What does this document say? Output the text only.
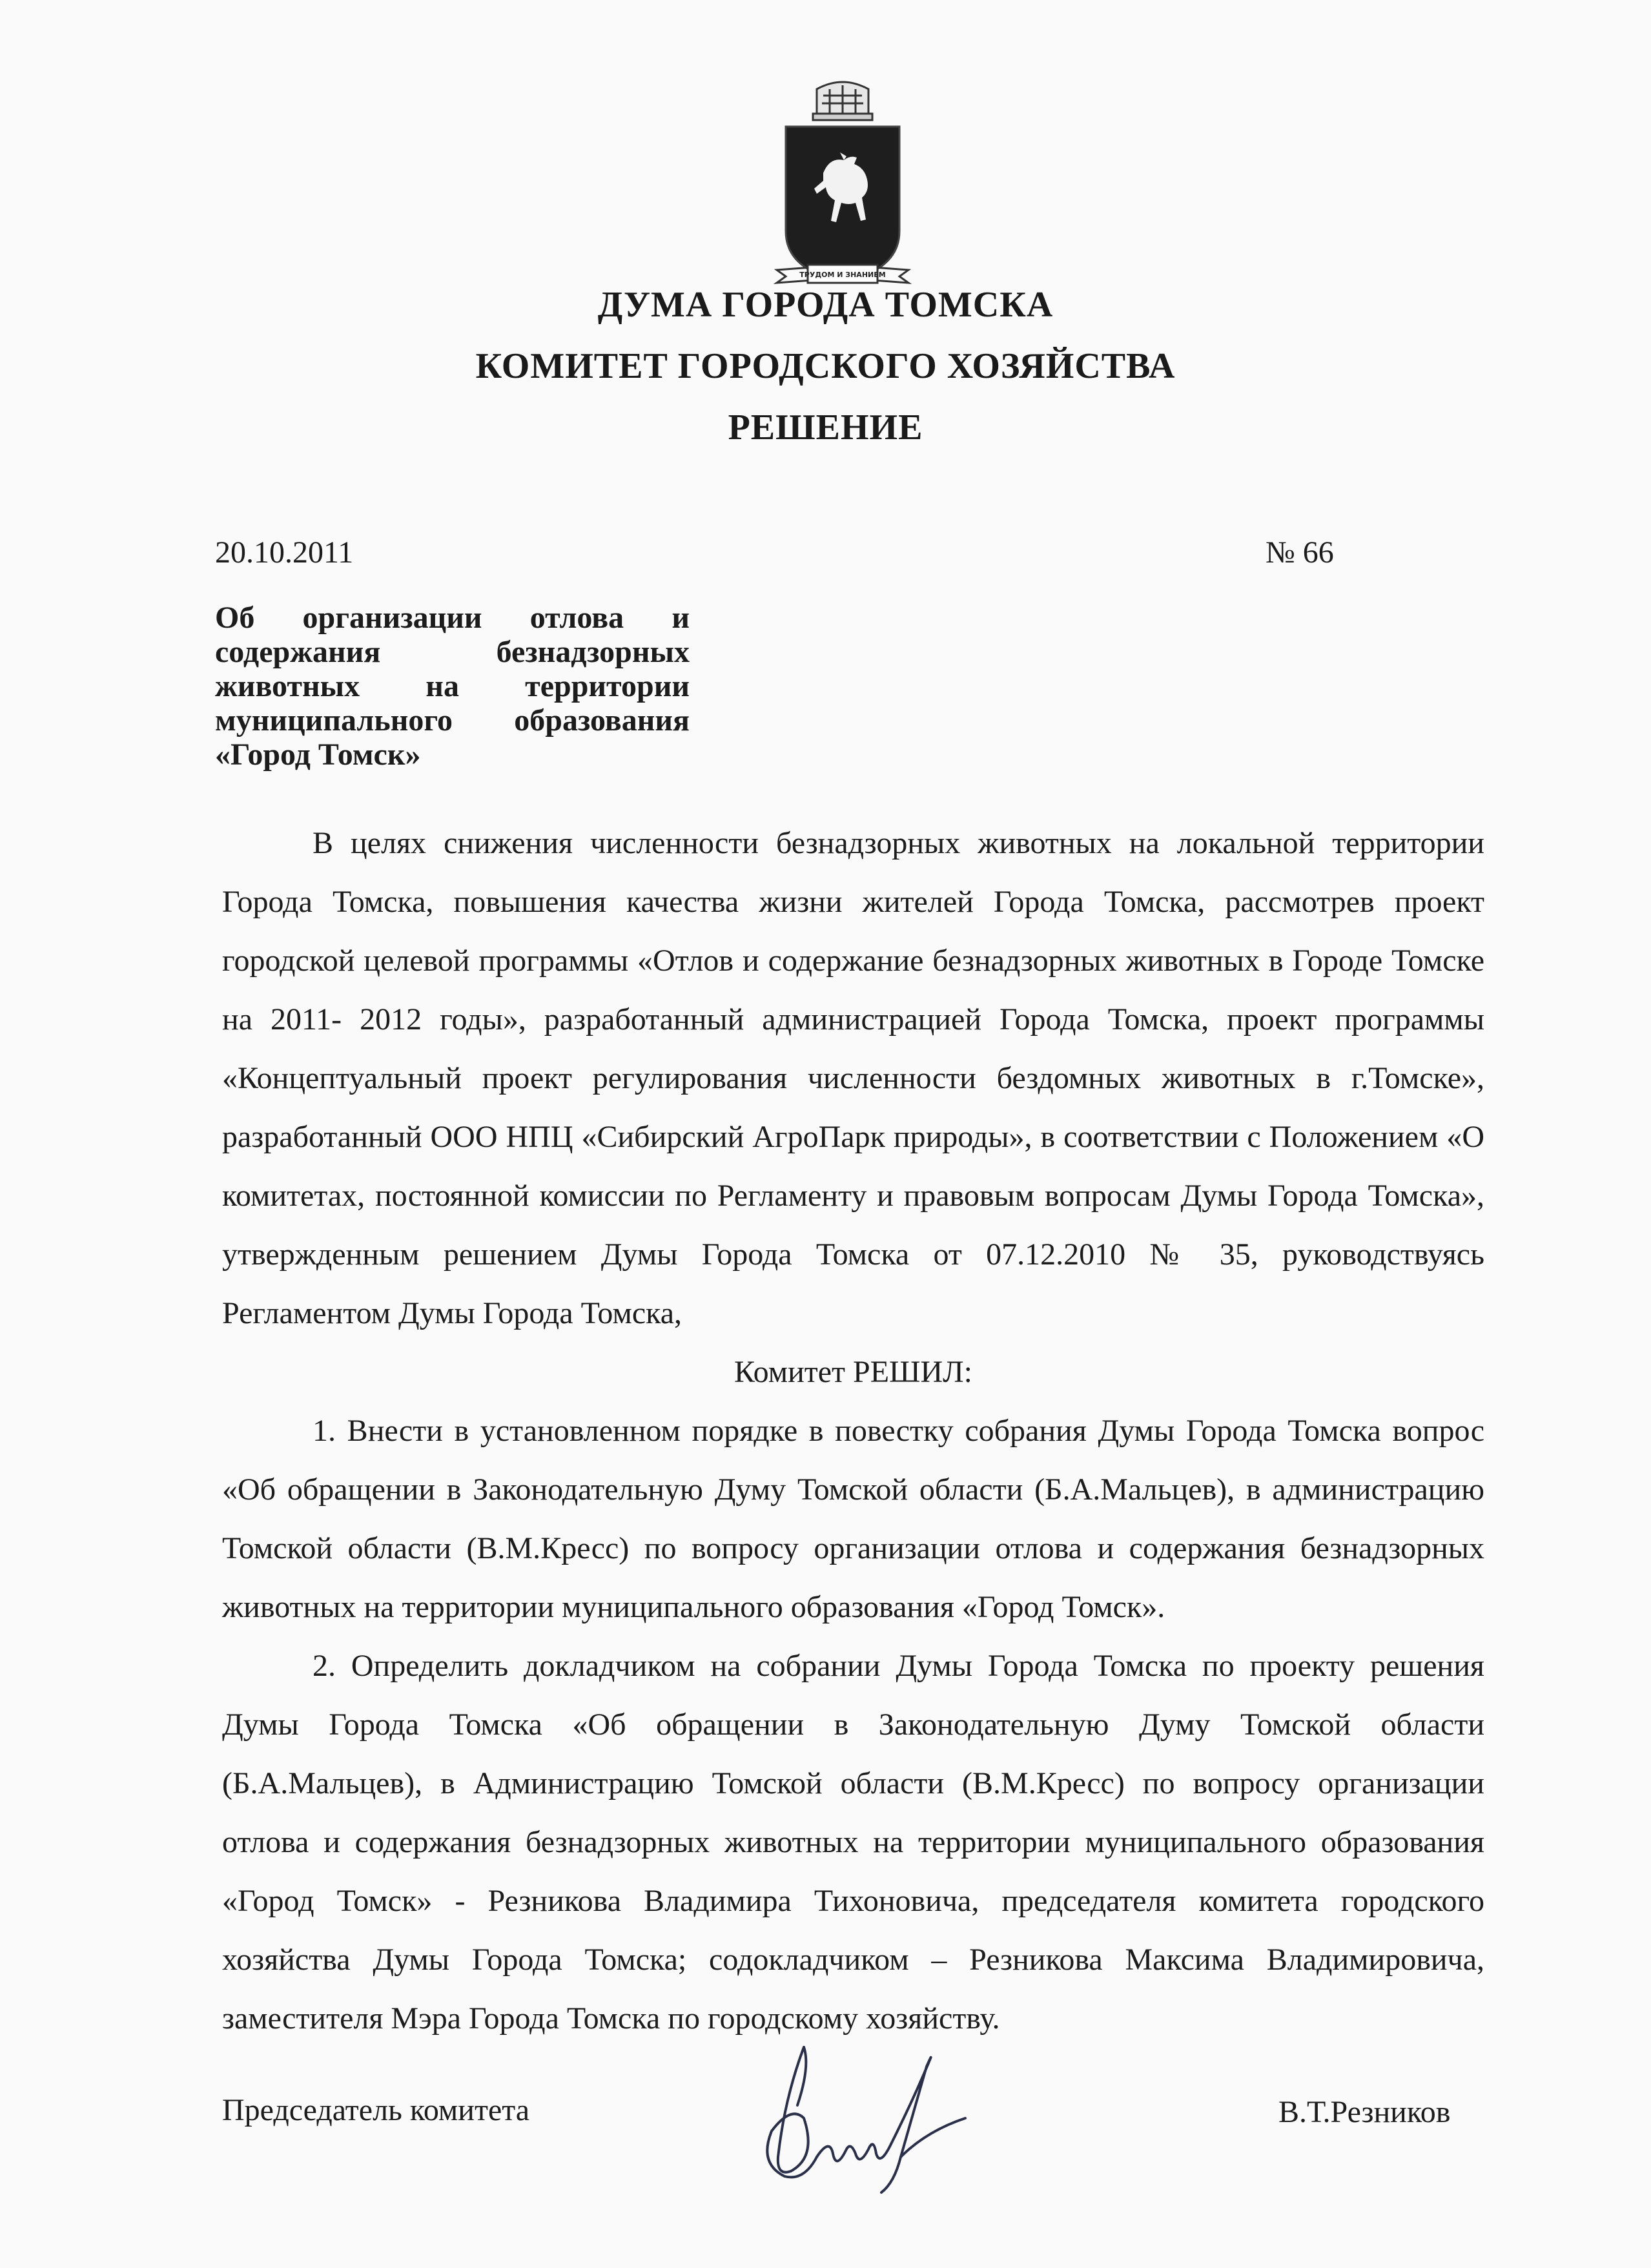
ТРУДОМ И ЗНАНИЕМ
ДУМА ГОРОДА ТОМСКА
КОМИТЕТ ГОРОДСКОГО ХОЗЯЙСТВА
РЕШЕНИЕ
20.10.2011	№ 66
Об организации отлова и
содержания безнадзорных
животных на территории
муниципального образования
«Город Томск»

В целях снижения численности безнадзорных животных на локальной территории Города Томска, повышения качества жизни жителей Города Томска, рассмотрев проект городской целевой программы «Отлов и содержание безнадзорных животных в Городе Томске на 2011- 2012 годы», разработанный администрацией Города Томска, проект программы «Концептуальный проект регулирования численности бездомных животных в г.Томске», разработанный ООО НПЦ «Сибирский АгроПарк природы», в соответствии с Положением «О комитетах, постоянной комиссии по Регламенту и правовым вопросам Думы Города Томска», утвержденным решением Думы Города Томска от 07.12.2010 № 35, руководствуясь Регламентом Думы Города Томска,

Комитет РЕШИЛ:

1. Внести в установленном порядке в повестку собрания Думы Города Томска вопрос «Об обращении в Законодательную Думу Томской области (Б.А.Мальцев), в администрацию Томской области (В.М.Кресс) по вопросу организации отлова и содержания безнадзорных животных на территории муниципального образования «Город Томск».

2. Определить докладчиком на собрании Думы Города Томска по проекту решения Думы Города Томска «Об обращении в Законодательную Думу Томской области (Б.А.Мальцев), в Администрацию Томской области (В.М.Кресс) по вопросу организации отлова и содержания безнадзорных животных на территории муниципального образования «Город Томск» - Резникова Владимира Тихоновича, председателя комитета городского хозяйства Думы Города Томска; содокладчиком – Резникова Максима Владимировича, заместителя Мэра Города Томска по городскому хозяйству.

Председатель комитета	В.Т.Резников
